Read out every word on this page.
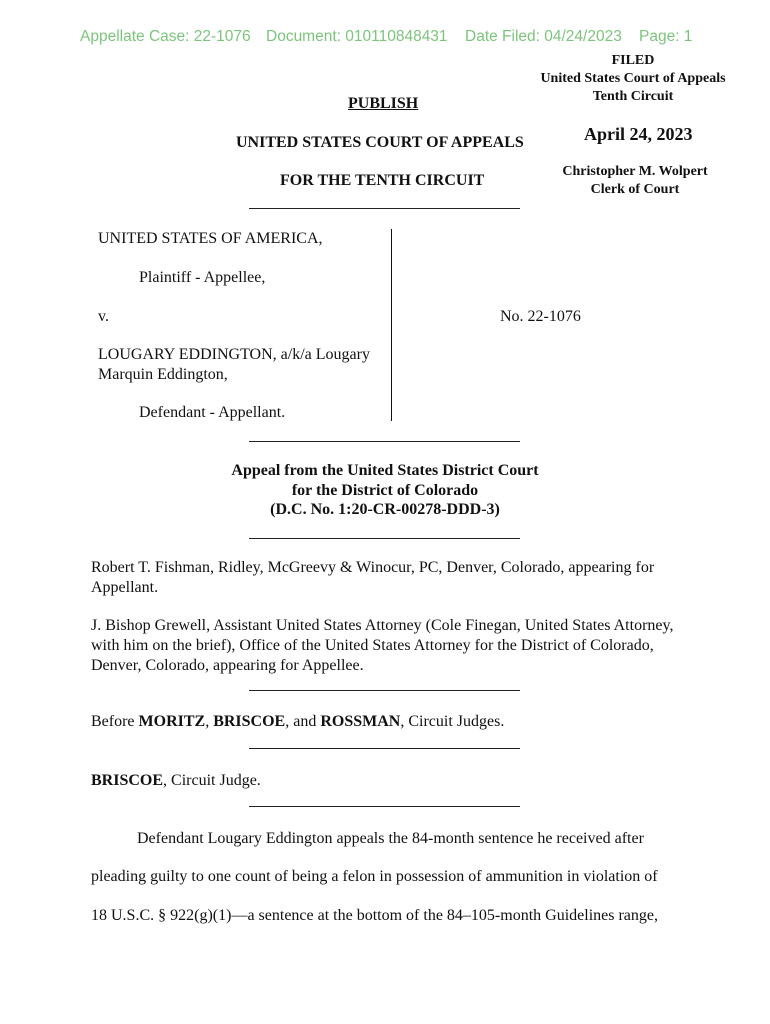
Appellate Case: 22-1076 Document: 010110848431 Date Filed: 04/24/2023 Page: 1
FILED
United States Court of Appeals
Tenth Circuit
April 24, 2023
Christopher M. Wolpert
Clerk of Court
PUBLISH
UNITED STATES COURT OF APPEALS
FOR THE TENTH CIRCUIT
UNITED STATES OF AMERICA,
Plaintiff - Appellee,
v.
LOUGARY EDDINGTON, a/k/a Lougary
Marquin Eddington,
Defendant - Appellant.
No. 22-1076
Appeal from the United States District Court
for the District of Colorado
(D.C. No. 1:20-CR-00278-DDD-3)
Robert T. Fishman, Ridley, McGreevy & Winocur, PC, Denver, Colorado, appearing for Appellant.
J. Bishop Grewell, Assistant United States Attorney (Cole Finegan, United States Attorney, with him on the brief), Office of the United States Attorney for the District of Colorado, Denver, Colorado, appearing for Appellee.
Before MORITZ, BRISCOE, and ROSSMAN, Circuit Judges.
BRISCOE, Circuit Judge.
Defendant Lougary Eddington appeals the 84-month sentence he received after
pleading guilty to one count of being a felon in possession of ammunition in violation of
18 U.S.C. § 922(g)(1)—a sentence at the bottom of the 84–105-month Guidelines range,
